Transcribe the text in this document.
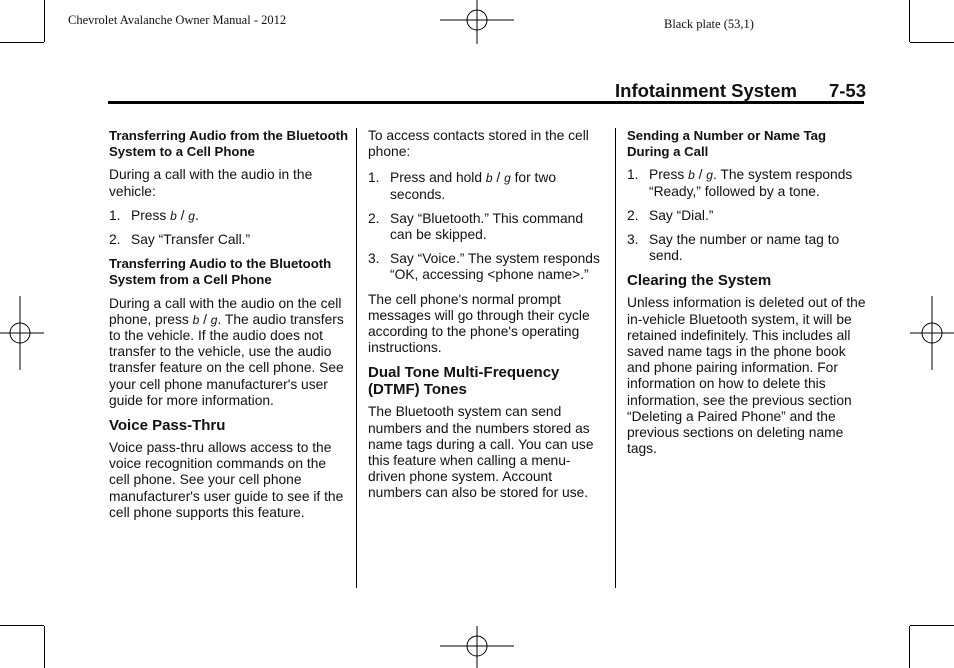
Chevrolet Avalanche Owner Manual - 2012	Black plate (53,1)
Infotainment System 7-53
Transferring Audio from the Bluetooth System to a Cell Phone

During a call with the audio in the vehicle:

1. Press b / g.
2. Say “Transfer Call.”
Transferring Audio to the Bluetooth System from a Cell Phone

During a call with the audio on the cell phone, press b / g. The audio transfers to the vehicle. If the audio does not transfer to the vehicle, use the audio transfer feature on the cell phone. See your cell phone manufacturer's user guide for more information.

Voice Pass-Thru

Voice pass-thru allows access to the voice recognition commands on the cell phone. See your cell phone manufacturer's user guide to see if the cell phone supports this feature.

To access contacts stored in the cell phone:

1. Press and hold b / g for two seconds.
2. Say “Bluetooth.” This command can be skipped.
3. Say “Voice.” The system responds “OK, accessing <phone name>.”

The cell phone's normal prompt messages will go through their cycle according to the phone's operating instructions.

Dual Tone Multi-Frequency (DTMF) Tones

The Bluetooth system can send numbers and the numbers stored as name tags during a call. You can use this feature when calling a menu-driven phone system. Account numbers can also be stored for use.

Sending a Number or Name Tag During a Call
1. Press b / g. The system responds “Ready,” followed by a tone.
2. Say “Dial.”
3. Say the number or name tag to send.
Clearing the System

Unless information is deleted out of the in-vehicle Bluetooth system, it will be retained indefinitely. This includes all saved name tags in the phone book and phone pairing information. For information on how to delete this information, see the previous section “Deleting a Paired Phone” and the previous sections on deleting name tags.
